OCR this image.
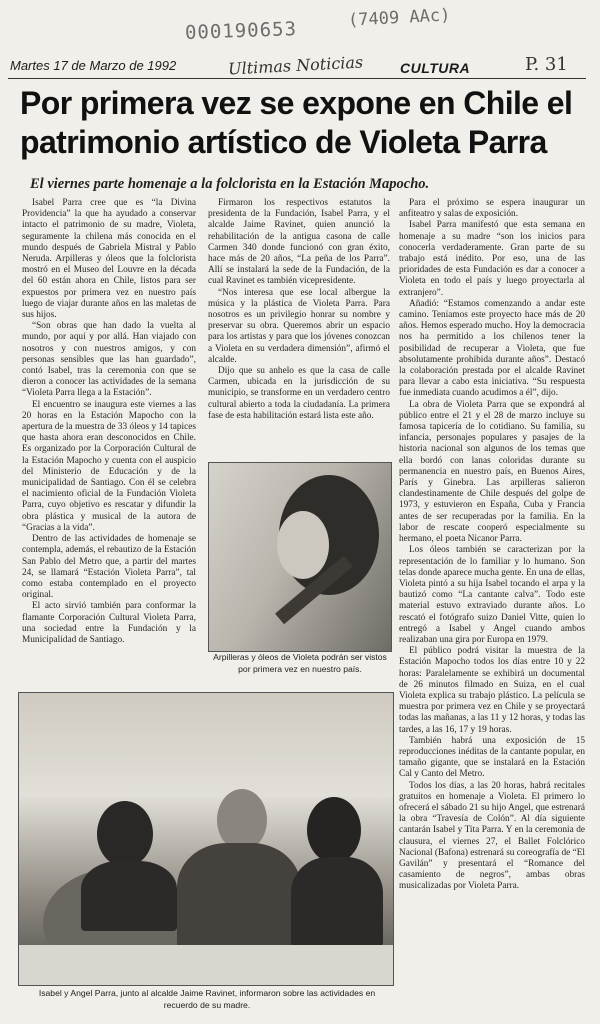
000190653
(7409 AAc)
Ultimas Noticias	P. 31
Martes 17 de Marzo de 1992	CULTURA
Por primera vez se expone en Chile el patrimonio artístico de Violeta Parra
El viernes parte homenaje a la folclorista en la Estación Mapocho.

Isabel Parra cree que es “la Divina Providencia” la que ha ayudado a conservar intacto el patrimonio de su madre, Violeta, seguramente la chilena más conocida en el mundo después de Gabriela Mistral y Pablo Neruda. Arpilleras y óleos que la folclorista mostró en el Museo del Louvre en la década del 60 están ahora en Chile, listos para ser expuestos por primera vez en nuestro país luego de viajar durante años en las maletas de sus hijos.

“Son obras que han dado la vuelta al mundo, por aquí y por allá. Han viajado con nosotros y con nuestros amigos, y con personas sensibles que las han guardado”, contó Isabel, tras la ceremonia con que se dieron a conocer las actividades de la semana “Violeta Parra llega a la Estación”.

El encuentro se inaugura este viernes a las 20 horas en la Estación Mapocho con la apertura de la muestra de 33 óleos y 14 tapices que hasta ahora eran desconocidos en Chile. Es organizado por la Corporación Cultural de la Estación Mapocho y cuenta con el auspicio del Ministerio de Educación y de la municipalidad de Santiago. Con él se celebra el nacimiento oficial de la Fundación Violeta Parra, cuyo objetivo es rescatar y difundir la obra plástica y musical de la autora de “Gracias a la vida”.

Dentro de las actividades de homenaje se contempla, además, el rebautizo de la Estación San Pablo del Metro que, a partir del martes 24, se llamará “Estación Violeta Parra”, tal como estaba contemplado en el proyecto original.

El acto sirvió también para conformar la flamante Corporación Cultural Violeta Parra, una sociedad entre la Fundación y la Municipalidad de Santiago.

Firmaron los respectivos estatutos la presidenta de la Fundación, Isabel Parra, y el alcalde Jaime Ravinet, quien anunció la rehabilitación de la antigua casona de calle Carmen 340 donde funcionó con gran éxito, hace más de 20 años, “La peña de los Parra”. Allí se instalará la sede de la Fundación, de la cual Ravinet es también vicepresidente.

“Nos interesa que ese local albergue la música y la plástica de Violeta Parra. Para nosotros es un privilegio honrar su nombre y preservar su obra. Queremos abrir un espacio para los artistas y para que los jóvenes conozcan a Violeta en su verdadera dimensión”, afirmó el alcalde.

Dijo que su anhelo es que la casa de calle Carmen, ubicada en la jurisdicción de su municipio, se transforme en un verdadero centro cultural abierto a toda la ciudadanía. La primera fase de esta habilitación estará lista este año.

Para el próximo se espera inaugurar un anfiteatro y salas de exposición.

Isabel Parra manifestó que esta semana en homenaje a su madre “son los inicios para conocerla verdaderamente. Gran parte de su trabajo está inédito. Por eso, una de las prioridades de esta Fundación es dar a conocer a Violeta en todo el país y luego proyectarla al extranjero”.

Añadió: “Estamos comenzando a andar este camino. Teníamos este proyecto hace más de 20 años. Hemos esperado mucho. Hoy la democracia nos ha permitido a los chilenos tener la posibilidad de recuperar a Violeta, que fue absolutamente prohibida durante años”. Destacó la colaboración prestada por el alcalde Ravinet para llevar a cabo esta iniciativa. “Su respuesta fue inmediata cuando acudimos a él”, dijo.

La obra de Violeta Parra que se expondrá al público entre el 21 y el 28 de marzo incluye su famosa tapicería de lo cotidiano. Su familia, su infancia, personajes populares y pasajes de la historia nacional son algunos de los temas que ella bordó con lanas coloridas durante su permanencia en nuestro país, en Buenos Aires, París y Ginebra. Las arpilleras salieron clandestinamente de Chile después del golpe de 1973, y estuvieron en España, Cuba y Francia antes de ser recuperadas por la familia. En la labor de rescate cooperó especialmente su hermano, el poeta Nicanor Parra.

Los óleos también se caracterizan por la representación de lo familiar y lo humano. Son telas donde aparece mucha gente. En una de ellas, Violeta pintó a su hija Isabel tocando el arpa y la bautizó como “La cantante calva”. Todo este material estuvo extraviado durante años. Lo rescató el fotógrafo suizo Daniel Vitte, quien lo entregó a Isabel y Angel cuando ambos realizaban una gira por Europa en 1979.

El público podrá visitar la muestra de la Estación Mapocho todos los días entre 10 y 22 horas: Paralelamente se exhibirá un documental de 26 minutos filmado en Suiza, en el cual Violeta explica su trabajo plástico. La película se muestra por primera vez en Chile y se proyectará todas las mañanas, a las 11 y 12 horas, y todas las tardes, a las 16, 17 y 19 horas.

También habrá una exposición de 15 reproducciones inéditas de la cantante popular, en tamaño gigante, que se instalará en la Estación Cal y Canto del Metro.

Todos los días, a las 20 horas, habrá recitales gratuitos en homenaje a Violeta. El primero lo ofrecerá el sábado 21 su hijo Angel, que estrenará la obra “Travesía de Colón”. Al día siguiente cantarán Isabel y Tita Parra. Y en la ceremonia de clausura, el viernes 27, el Ballet Folclórico Nacional (Bafona) estrenará su coreografía de “El Gavilán” y presentará el “Romance del casamiento de negros”, ambas obras musicalizadas por Violeta Parra.

Arpilleras y óleos de Violeta podrán ser vistos por primera vez en nuestro país.
Isabel y Angel Parra, junto al alcalde Jaime Ravinet, informaron sobre las actividades en recuerdo de su madre.
